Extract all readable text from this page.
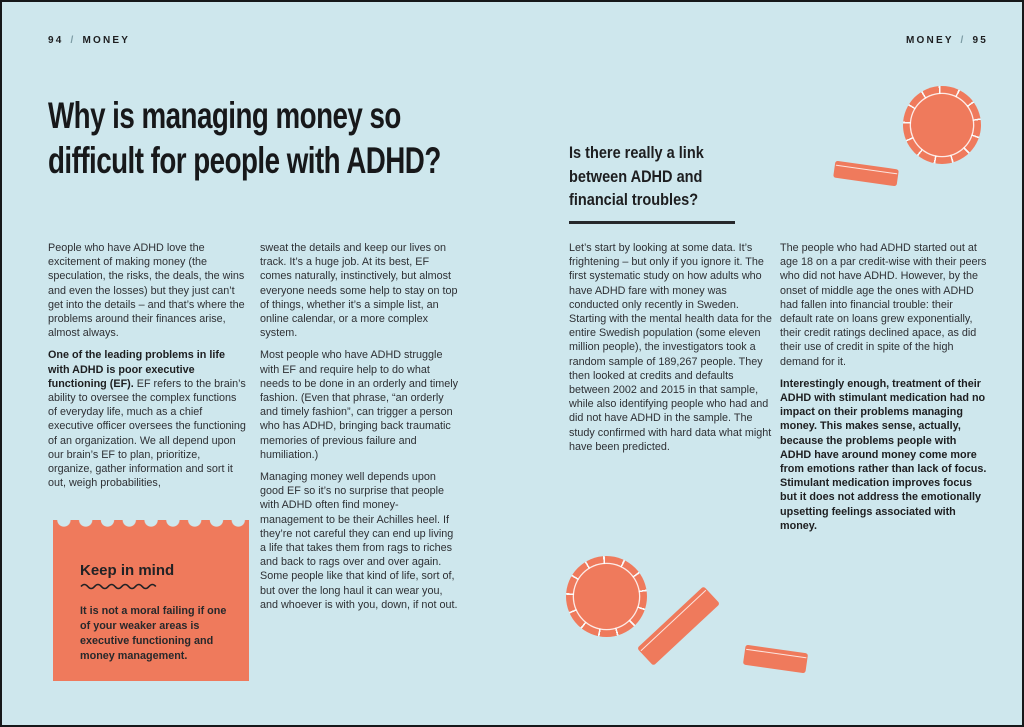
94 / MONEY	MONEY / 95
Why is managing money so
difficult for people with ADHD?

People who have ADHD love the excitement of making money (the speculation, the risks, the deals, the wins and even the losses) but they just can’t get into the details – and that’s where the problems around their finances arise, almost always.

One of the leading problems in life with ADHD is poor executive functioning (EF). EF refers to the brain’s ability to oversee the complex functions of everyday life, much as a chief executive officer oversees the functioning of an organization. We all depend upon our brain’s EF to plan, prioritize, organize, gather information and sort it out, weigh probabilities,

sweat the details and keep our lives on track. It’s a huge job. At its best, EF comes naturally, instinctively, but almost everyone needs some help to stay on top of things, whether it’s a simple list, an online calendar, or a more complex system.

Most people who have ADHD struggle with EF and require help to do what needs to be done in an orderly and timely fashion. (Even that phrase, “an orderly and timely fashion”, can trigger a person who has ADHD, bringing back traumatic memories of previous failure and humiliation.)

Managing money well depends upon good EF so it’s no surprise that people with ADHD often find money-management to be their Achilles heel. If they’re not careful they can end up living a life that takes them from rags to riches and back to rags over and over again. Some people like that kind of life, sort of, but over the long haul it can wear you, and whoever is with you, down, if not out.

Keep in mind

It is not a moral failing if one of your weaker areas is executive functioning and money management.

Is there really a link
between ADHD and
financial troubles?

Let’s start by looking at some data. It’s frightening – but only if you ignore it. The first systematic study on how adults who have ADHD fare with money was conducted only recently in Sweden. Starting with the mental health data for the entire Swedish population (some eleven million people), the investigators took a random sample of 189,267 people. They then looked at credits and defaults between 2002 and 2015 in that sample, while also identifying people who had and did not have ADHD in the sample. The study confirmed with hard data what might have been predicted.

The people who had ADHD started out at age 18 on a par credit-wise with their peers who did not have ADHD. However, by the onset of middle age the ones with ADHD had fallen into financial trouble: their default rate on loans grew exponentially, their credit ratings declined apace, as did their use of credit in spite of the high demand for it.

Interestingly enough, treatment of their ADHD with stimulant medication had no impact on their problems managing money. This makes sense, actually, because the problems people with ADHD have around money come more from emotions rather than lack of focus. Stimulant medication improves focus but it does not address the emotionally upsetting feelings associated with money.
